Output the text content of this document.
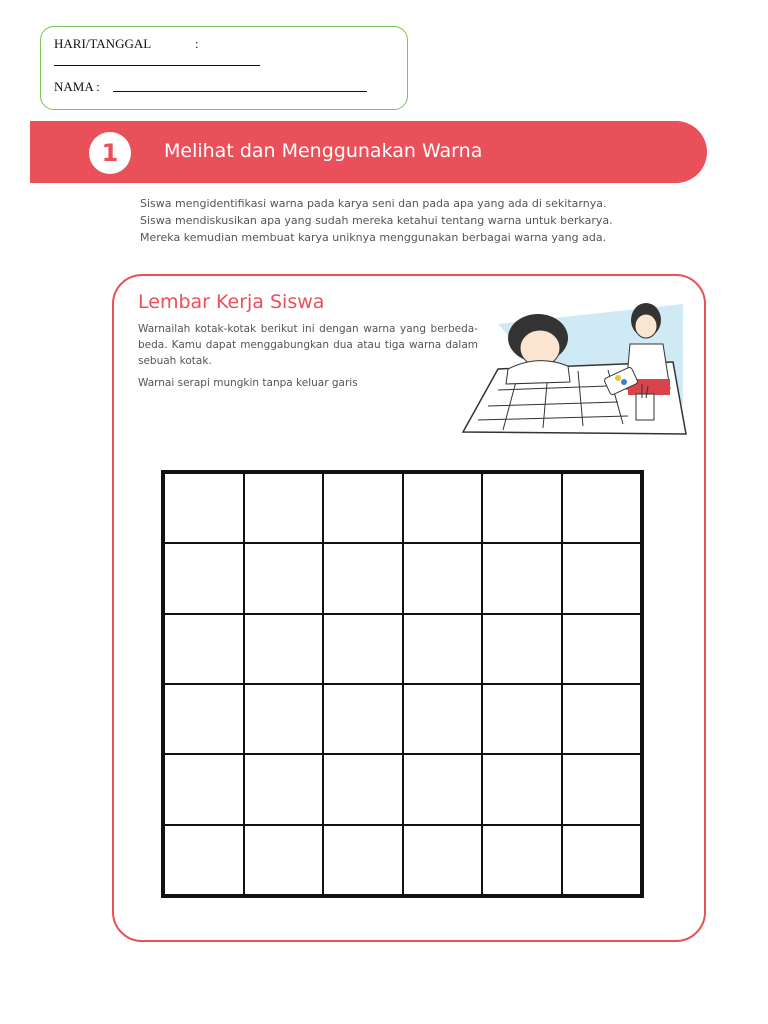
HARI/TANGGAL	:
NAMA :
1	Melihat dan Menggunakan Warna

Siswa mengidentifikasi warna pada karya seni dan pada apa yang ada di sekitarnya.

Siswa mendiskusikan apa yang sudah mereka ketahui tentang warna untuk berkarya.

Mereka kemudian membuat karya uniknya menggunakan berbagai warna yang ada.

Lembar Kerja Siswa

Warnailah kotak-kotak berikut ini dengan warna yang berbeda-beda. Kamu dapat menggabungkan dua atau tiga warna dalam sebuah kotak.

Warnai serapi mungkin tanpa keluar garis
